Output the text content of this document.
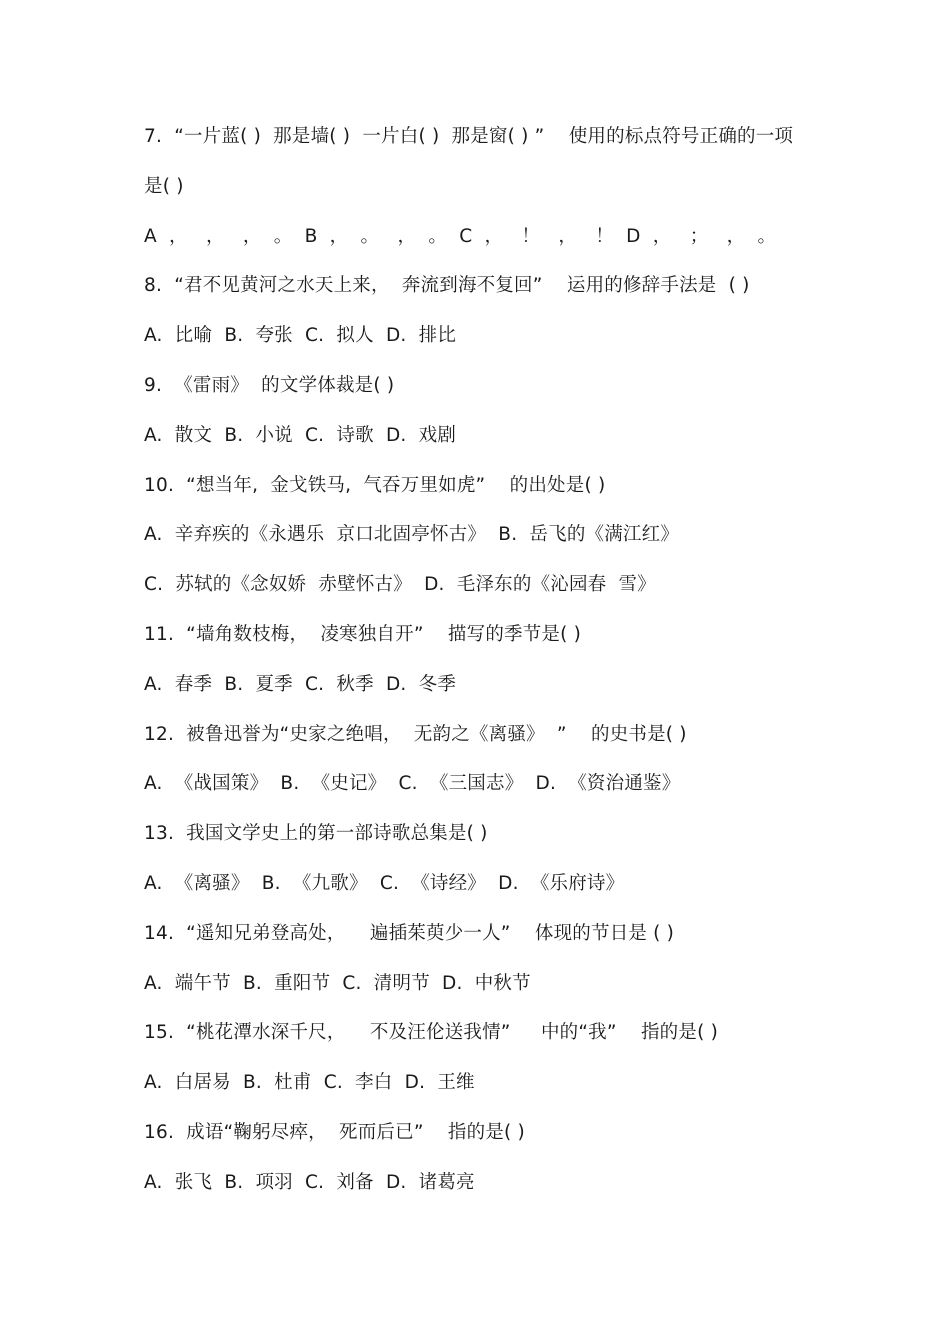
7.  “一片蓝( )  那是墙( )  一片白( )  那是窗( ) ”    使用的标点符号正确的一项
是( )
A  ，   ，   ，  。  B  ，  。   ，  。  C  ，   ！   ，   ！  D  ，   ；   ，  。
8.  “君不见黄河之水天上来，  奔流到海不复回”    运用的修辞手法是  ( )
A.  比喻  B.  夸张  C.  拟人  D.  排比
9.  《雷雨》  的文学体裁是( )
A.  散文  B.  小说  C.  诗歌  D.  戏剧
10.  “想当年,  金戈铁马,  气吞万里如虎”    的出处是( )
A.  辛弃疾的《永遇乐  京口北固亭怀古》  B.  岳飞的《满江红》
C.  苏轼的《念奴娇  赤壁怀古》  D.  毛泽东的《沁园春  雪》
11.  “墙角数枝梅，  凌寒独自开”    描写的季节是( )
A.  春季  B.  夏季  C.  秋季  D.  冬季
12.  被鲁迅誉为“史家之绝唱，  无韵之《离骚》  ”    的史书是( )
A.  《战国策》  B.  《史记》  C.  《三国志》  D.  《资治通鉴》
13.  我国文学史上的第一部诗歌总集是( )
A.  《离骚》  B.  《九歌》  C.  《诗经》  D.  《乐府诗》
14.  “遥知兄弟登高处，    遍插茱萸少一人”    体现的节日是 ( )
A.  端午节  B.  重阳节  C.  清明节  D.  中秋节
15.  “桃花潭水深千尺，    不及汪伦送我情”     中的“我”    指的是( )
A.  白居易  B.  杜甫  C.  李白  D.  王维
16.  成语“鞠躬尽瘁，  死而后已”    指的是( )
A.  张飞  B.  项羽  C.  刘备  D.  诸葛亮
